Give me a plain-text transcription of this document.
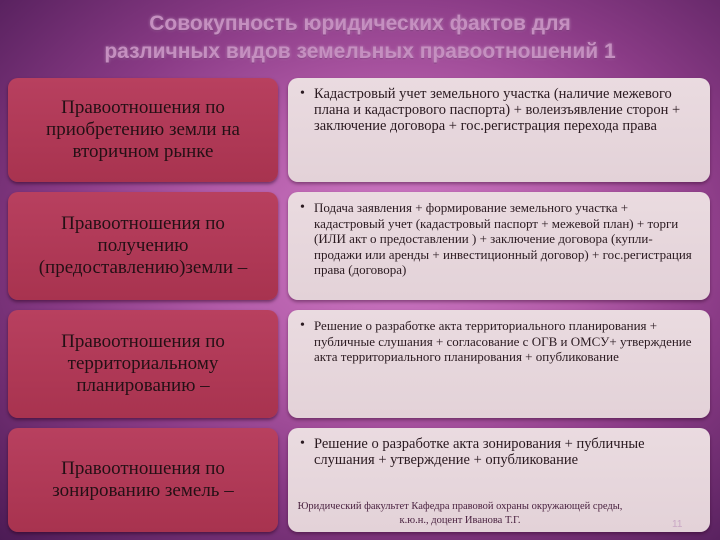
Совокупность юридических фактов для
различных видов земельных правоотношений 1
Правоотношения по приобретению земли на вторичном рынке
• Кадастровый учет земельного участка (наличие межевого плана и кадастрового паспорта) + волеизъявление сторон + заключение договора + гос.регистрация перехода права
Правоотношения по получению (предоставлению)земли –
• Подача заявления + формирование земельного участка + кадастровый учет (кадастровый паспорт + межевой план) + торги (ИЛИ акт о предоставлении ) + заключение договора (купли-продажи или аренды + инвестиционный договор) + гос.регистрация права (договора)
Правоотношения по территориальному планированию –
• Решение о разработке акта территориального планирования + публичные слушания + согласование с ОГВ и ОМСУ+ утверждение акта территориального планирования + опубликование
Правоотношения по зонированию земель –
• Решение о разработке акта зонирования + публичные слушания + утверждение + опубликование
Юридический факультет Кафедра правовой охраны окружающей среды,
к.ю.н., доцент Иванова Т.Г.	11
